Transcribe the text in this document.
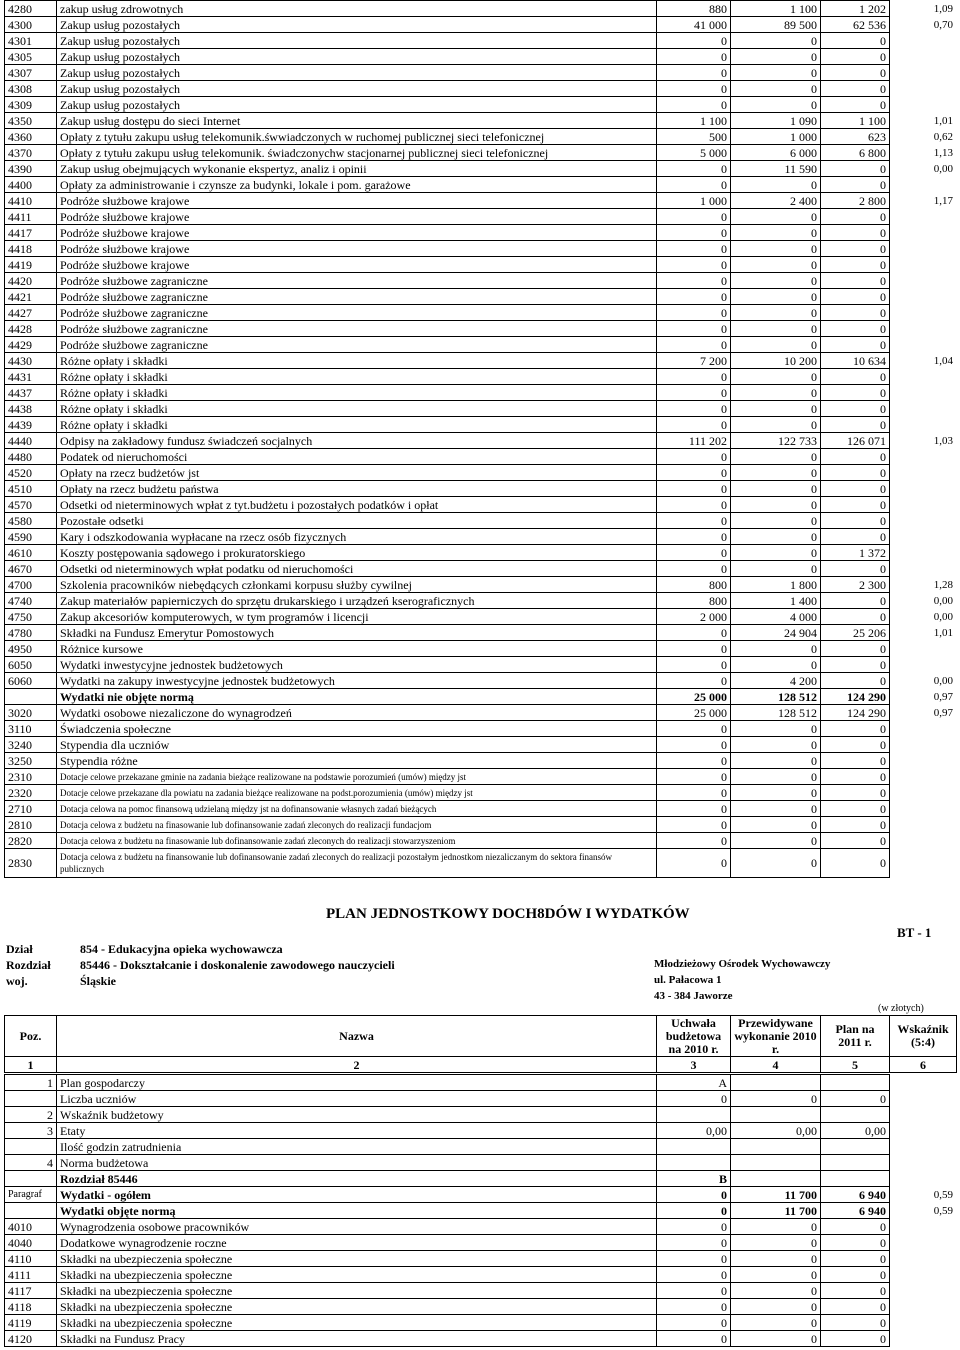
4280	zakup usług zdrowotnych	880	1 100	1 202	1,09
4300	Zakup usług pozostałych	41 000	89 500	62 536	0,70
4301	Zakup usług pozostałych	0	0	0	
4305	Zakup usług pozostałych	0	0	0	
4307	Zakup usług pozostałych	0	0	0	
4308	Zakup usług pozostałych	0	0	0	
4309	Zakup usług pozostałych	0	0	0	
4350	Zakup usług dostępu do sieci Internet	1 100	1 090	1 100	1,01
4360	Opłaty z tytułu zakupu usług telekomunik.śwwiadczonych w ruchomej publicznej sieci telefonicznej	500	1 000	623	0,62
4370	Opłaty z tytułu zakupu usług telekomunik. świadczonychw stacjonarnej publicznej sieci telefonicznej	5 000	6 000	6 800	1,13
4390	Zakup usług obejmujących wykonanie ekspertyz, analiz i opinii	0	11 590	0	0,00
4400	Opłaty za administrowanie i czynsze za budynki, lokale i pom. garażowe	0	0	0	
4410	Podróże służbowe krajowe	1 000	2 400	2 800	1,17
4411	Podróże służbowe krajowe	0	0	0	
4417	Podróże służbowe krajowe	0	0	0	
4418	Podróże służbowe krajowe	0	0	0	
4419	Podróże służbowe krajowe	0	0	0	
4420	Podróże służbowe zagraniczne	0	0	0	
4421	Podróże służbowe zagraniczne	0	0	0	
4427	Podróże służbowe zagraniczne	0	0	0	
4428	Podróże służbowe zagraniczne	0	0	0	
4429	Podróże służbowe zagraniczne	0	0	0	
4430	Różne opłaty i składki	7 200	10 200	10 634	1,04
4431	Różne opłaty i składki	0	0	0	
4437	Różne opłaty i składki	0	0	0	
4438	Różne opłaty i składki	0	0	0	
4439	Różne opłaty i składki	0	0	0	
4440	Odpisy na zakładowy fundusz świadczeń socjalnych	111 202	122 733	126 071	1,03
4480	Podatek od nieruchomości	0	0	0	
4520	Opłaty na rzecz budżetów jst	0	0	0	
4510	Opłaty na rzecz budżetu państwa	0	0	0	
4570	Odsetki od nieterminowych wpłat z tyt.budżetu i pozostałych podatków i opłat	0	0	0	
4580	Pozostałe odsetki	0	0	0	
4590	Kary i odszkodowania wypłacane na rzecz osób fizycznych	0	0	0	
4610	Koszty postępowania sądowego i prokuratorskiego	0	0	1 372	
4670	Odsetki od nieterminowych wpłat podatku od nieruchomości	0	0	0	
4700	Szkolenia pracowników niebędących członkami korpusu służby cywilnej	800	1 800	2 300	1,28
4740	Zakup materiałów papierniczych do sprzętu drukarskiego i urządzeń kserograficznych	800	1 400	0	0,00
4750	Zakup akcesoriów komputerowych, w tym programów i licencji	2 000	4 000	0	0,00
4780	Składki na Fundusz Emerytur Pomostowych	0	24 904	25 206	1,01
4950	Różnice kursowe	0	0	0	
6050	Wydatki inwestycyjne jednostek budżetowych	0	0	0	
6060	Wydatki na zakupy inwestycyjne jednostek budżetowych	0	4 200	0	0,00
	Wydatki nie objęte normą	25 000	128 512	124 290	0,97
3020	Wydatki osobowe niezaliczone do wynagrodzeń	25 000	128 512	124 290	0,97
3110	Świadczenia społeczne	0	0	0	
3240	Stypendia dla uczniów	0	0	0	
3250	Stypendia różne	0	0	0	
2310	Dotacje celowe przekazane gminie na zadania bieżące realizowane na podstawie porozumień (umów) między jst	0	0	0	
2320	Dotacje celowe przekazane dla powiatu na zadania bieżące realizowane na podst.porozumienia (umów) między jst	0	0	0	
2710	Dotacja celowa na pomoc finansową udzielaną między jst na dofinansowanie własnych zadań bieżących	0	0	0	
2810	Dotacja celowa z budżetu na finasowanie lub dofinansowanie zadań zleconych do realizacji fundacjom	0	0	0	
2820	Dotacja celowa z budżetu na finasowanie lub dofinansowanie zadań zleconych do realizacji stowarzyszeniom	0	0	0	
2830	Dotacja celowa z budżetu na finansowanie lub dofinansowanie zadań zleconych do realizacji pozostałym jednostkom niezaliczanym do sektora finansów publicznych	0	0	0	
PLAN JEDNOSTKOWY DOCH8DÓW I WYDATKÓW
BT - 1
Dział	854 - Edukacyjna opieka wychowawcza
Rozdział 85446 - Dokształcanie i doskonalenie zawodowego nauczycieli
woj.	Śląskie
Młodzieżowy Ośrodek Wychowawczy
ul. Pałacowa 1
43 - 384 Jaworze
(w złotych)
Poz.	Nazwa	Uchwała budżetowa na 2010 r.	Przewidywane wykonanie 2010 r.	Plan na 2011 r.	Wskaźnik (5:4)
1	2	3	4	5	6
1	Plan gospodarczy	A			
	Liczba uczniów	0	0	0	
2	Wskaźnik budżetowy				
3	Etaty	0,00	0,00	0,00	
	Ilość godzin zatrudnienia				
4	Norma budżetowa				
	Rozdział 85446	B			
Paragraf	Wydatki - ogółem	0	11 700	6 940	0,59
	Wydatki objęte normą	0	11 700	6 940	0,59
4010	Wynagrodzenia osobowe pracowników	0	0	0	
4040	Dodatkowe wynagrodzenie roczne	0	0	0	
4110	Składki na ubezpieczenia społeczne	0	0	0	
4111	Składki na ubezpieczenia społeczne	0	0	0	
4117	Składki na ubezpieczenia społeczne	0	0	0	
4118	Składki na ubezpieczenia społeczne	0	0	0	
4119	Składki na ubezpieczenia społeczne	0	0	0	
4120	Składki na Fundusz Pracy	0	0	0	
